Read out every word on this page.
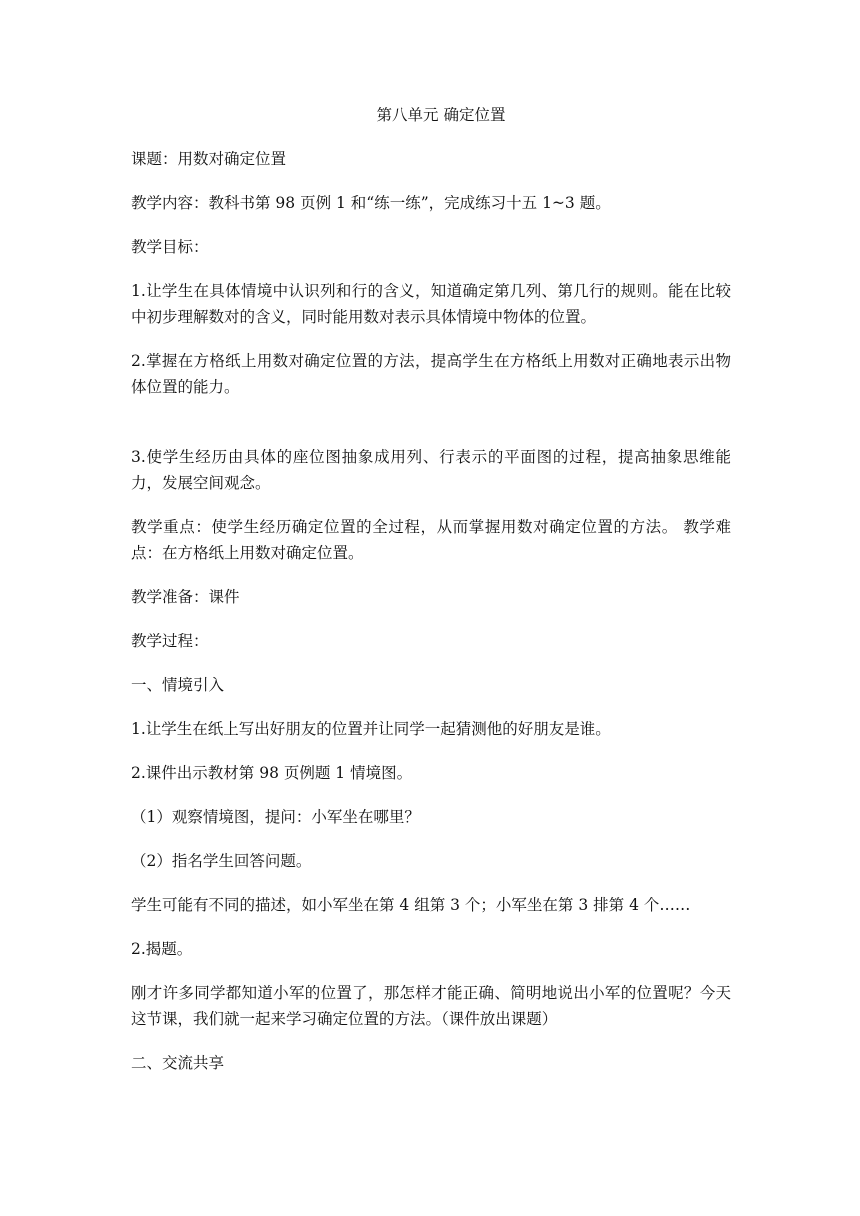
第八单元 确定位置

课题：用数对确定位置

教学内容：教科书第 98 页例 1 和“练一练”，完成练习十五 1~3 题。

教学目标：

1.让学生在具体情境中认识列和行的含义，知道确定第几列、第几行的规则。能在比较中初步理解数对的含义，同时能用数对表示具体情境中物体的位置。

2.掌握在方格纸上用数对确定位置的方法，提高学生在方格纸上用数对正确地表示出物体位置的能力。

3.使学生经历由具体的座位图抽象成用列、行表示的平面图的过程，提高抽象思维能力，发展空间观念。

教学重点：使学生经历确定位置的全过程，从而掌握用数对确定位置的方法。 教学难点：在方格纸上用数对确定位置。

教学准备：课件

教学过程：

一、情境引入

1.让学生在纸上写出好朋友的位置并让同学一起猜测他的好朋友是谁。

2.课件出示教材第 98 页例题 1 情境图。

（1）观察情境图，提问：小军坐在哪里？

（2）指名学生回答问题。

学生可能有不同的描述，如小军坐在第 4 组第 3 个；小军坐在第 3 排第 4 个……

2.揭题。

刚才许多同学都知道小军的位置了，那怎样才能正确、简明地说出小军的位置呢？今天这节课，我们就一起来学习确定位置的方法。（课件放出课题）

二、交流共享
